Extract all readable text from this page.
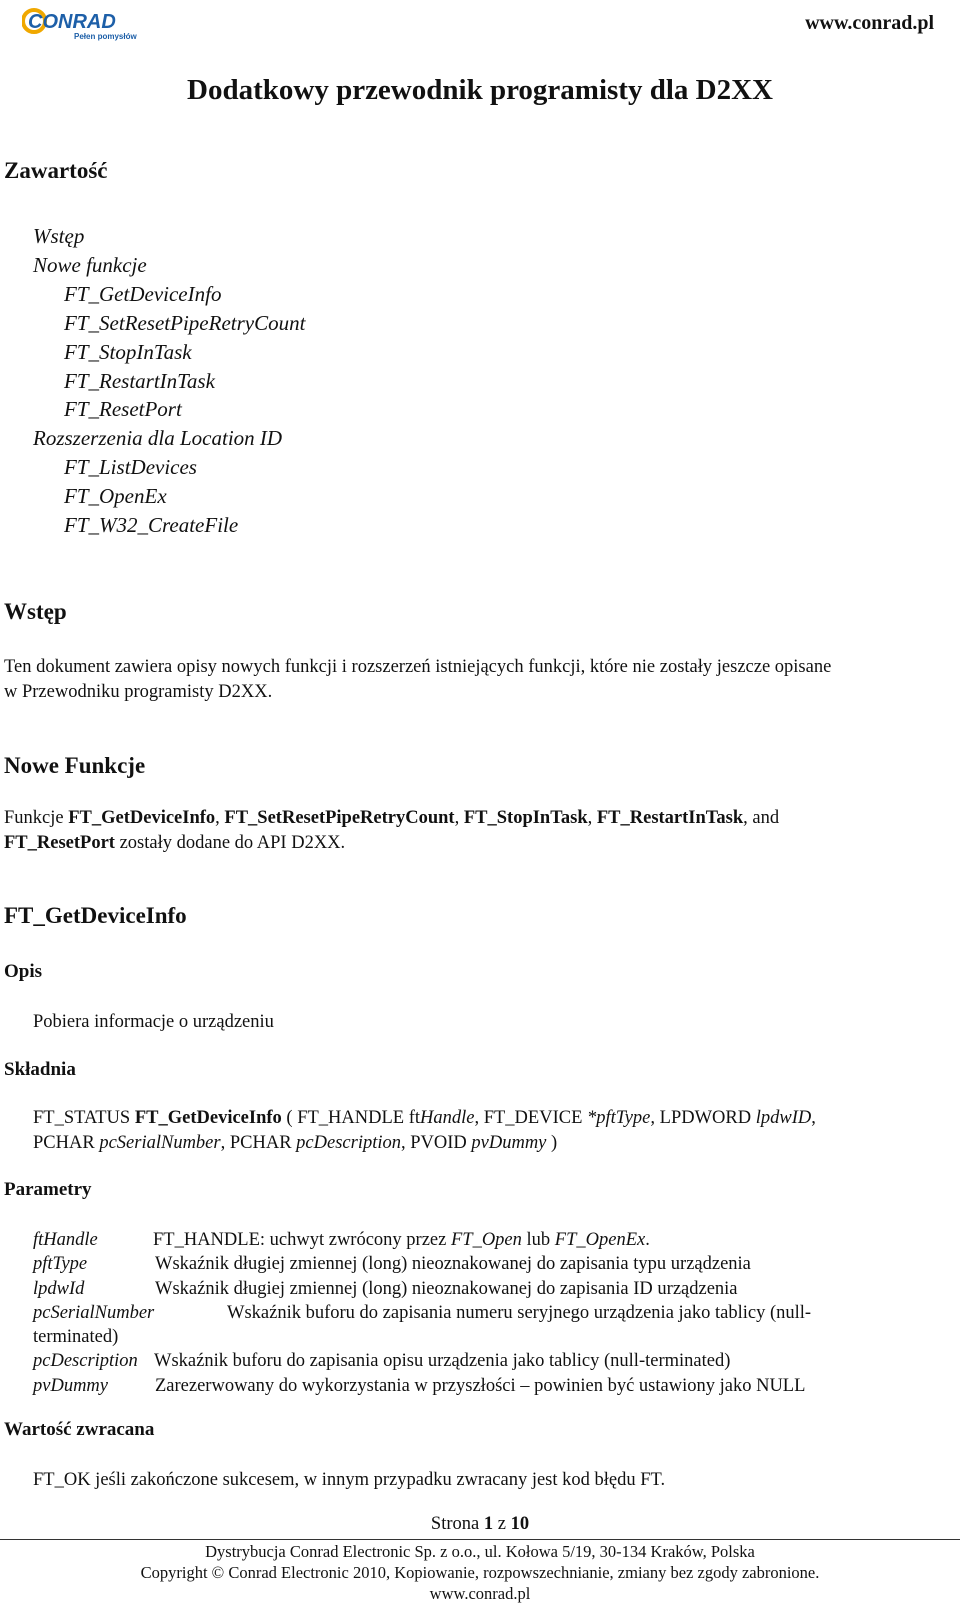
CONRAD
Pełen pomysłów
www.conrad.pl
Dodatkowy przewodnik programisty dla D2XX
Zawartość
Wstęp
Nowe funkcje
FT_GetDeviceInfo
FT_SetResetPipeRetryCount
FT_StopInTask
FT_RestartInTask
FT_ResetPort
Rozszerzenia dla Location ID
FT_ListDevices
FT_OpenEx
FT_W32_CreateFile
Wstęp
Ten dokument zawiera opisy nowych funkcji i rozszerzeń istniejących funkcji, które nie zostały jeszcze opisane
w Przewodniku programisty D2XX.
Nowe Funkcje
Funkcje FT_GetDeviceInfo, FT_SetResetPipeRetryCount, FT_StopInTask, FT_RestartInTask, and
FT_ResetPort zostały dodane do API D2XX.
FT_GetDeviceInfo
Opis
Pobiera informacje o urządzeniu
Składnia
FT_STATUS FT_GetDeviceInfo ( FT_HANDLE ftHandle, FT_DEVICE *pftType, LPDWORD lpdwID,
PCHAR pcSerialNumber, PCHAR pcDescription, PVOID pvDummy )
Parametry
ftHandle	FT_HANDLE: uchwyt zwrócony przez FT_Open lub FT_OpenEx.
pftType	Wskaźnik długiej zmiennej (long) nieoznakowanej do zapisania typu urządzenia
lpdwId	Wskaźnik długiej zmiennej (long) nieoznakowanej do zapisania ID urządzenia
pcSerialNumber	Wskaźnik buforu do zapisania numeru seryjnego urządzenia jako tablicy (null-
terminated)
pcDescription Wskaźnik buforu do zapisania opisu urządzenia jako tablicy (null-terminated)
pvDummy	Zarezerwowany do wykorzystania w przyszłości – powinien być ustawiony jako NULL
Wartość zwracana
FT_OK jeśli zakończone sukcesem, w innym przypadku zwracany jest kod błędu FT.
Strona 1 z 10
Dystrybucja Conrad Electronic Sp. z o.o., ul. Kołowa 5/19, 30-134 Kraków, Polska
Copyright © Conrad Electronic 2010, Kopiowanie, rozpowszechnianie, zmiany bez zgody zabronione.
www.conrad.pl
